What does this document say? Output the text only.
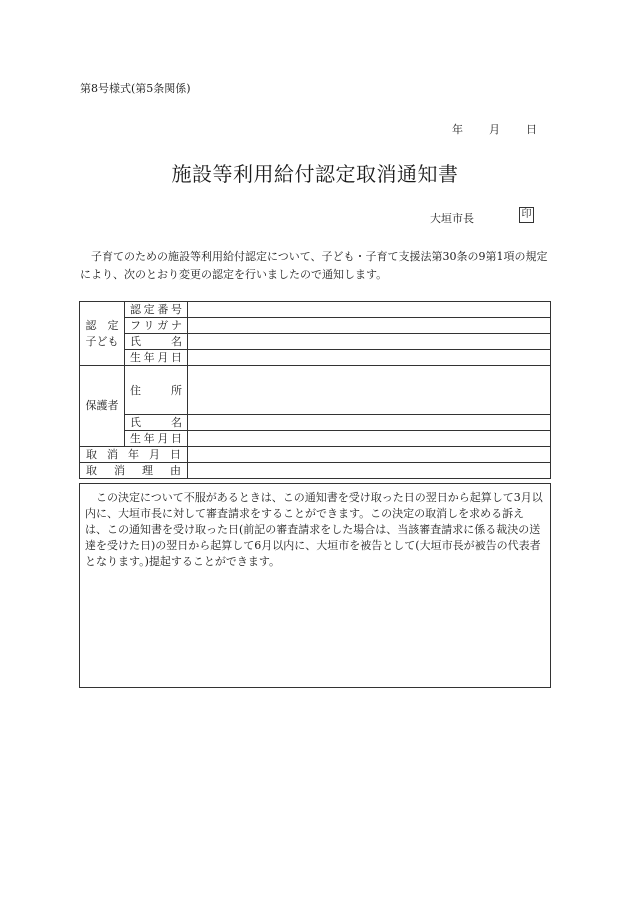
第8号様式(第5条関係)
年 月 日
施設等利用給付認定取消通知書
大垣市長	印
子育てのための施設等利用給付認定について、子ども・子育て支援法第30条の9第1項の規定により、次のとおり変更の認定を行いましたので通知します。
認　定
子ども	認定番号	
	フリガナ	
	氏名	
	生年月日	
保護者	住所	
	氏名	
	生年月日	
取消年月日		
取消理由		
この決定について不服があるときは、この通知書を受け取った日の翌日から起算して3月以内に、大垣市長に対して審査請求をすることができます。この決定の取消しを求める訴えは、この通知書を受け取った日(前記の審査請求をした場合は、当該審査請求に係る裁決の送達を受けた日)の翌日から起算して6月以内に、大垣市を被告として(大垣市長が被告の代表者となります。)提起することができます。
